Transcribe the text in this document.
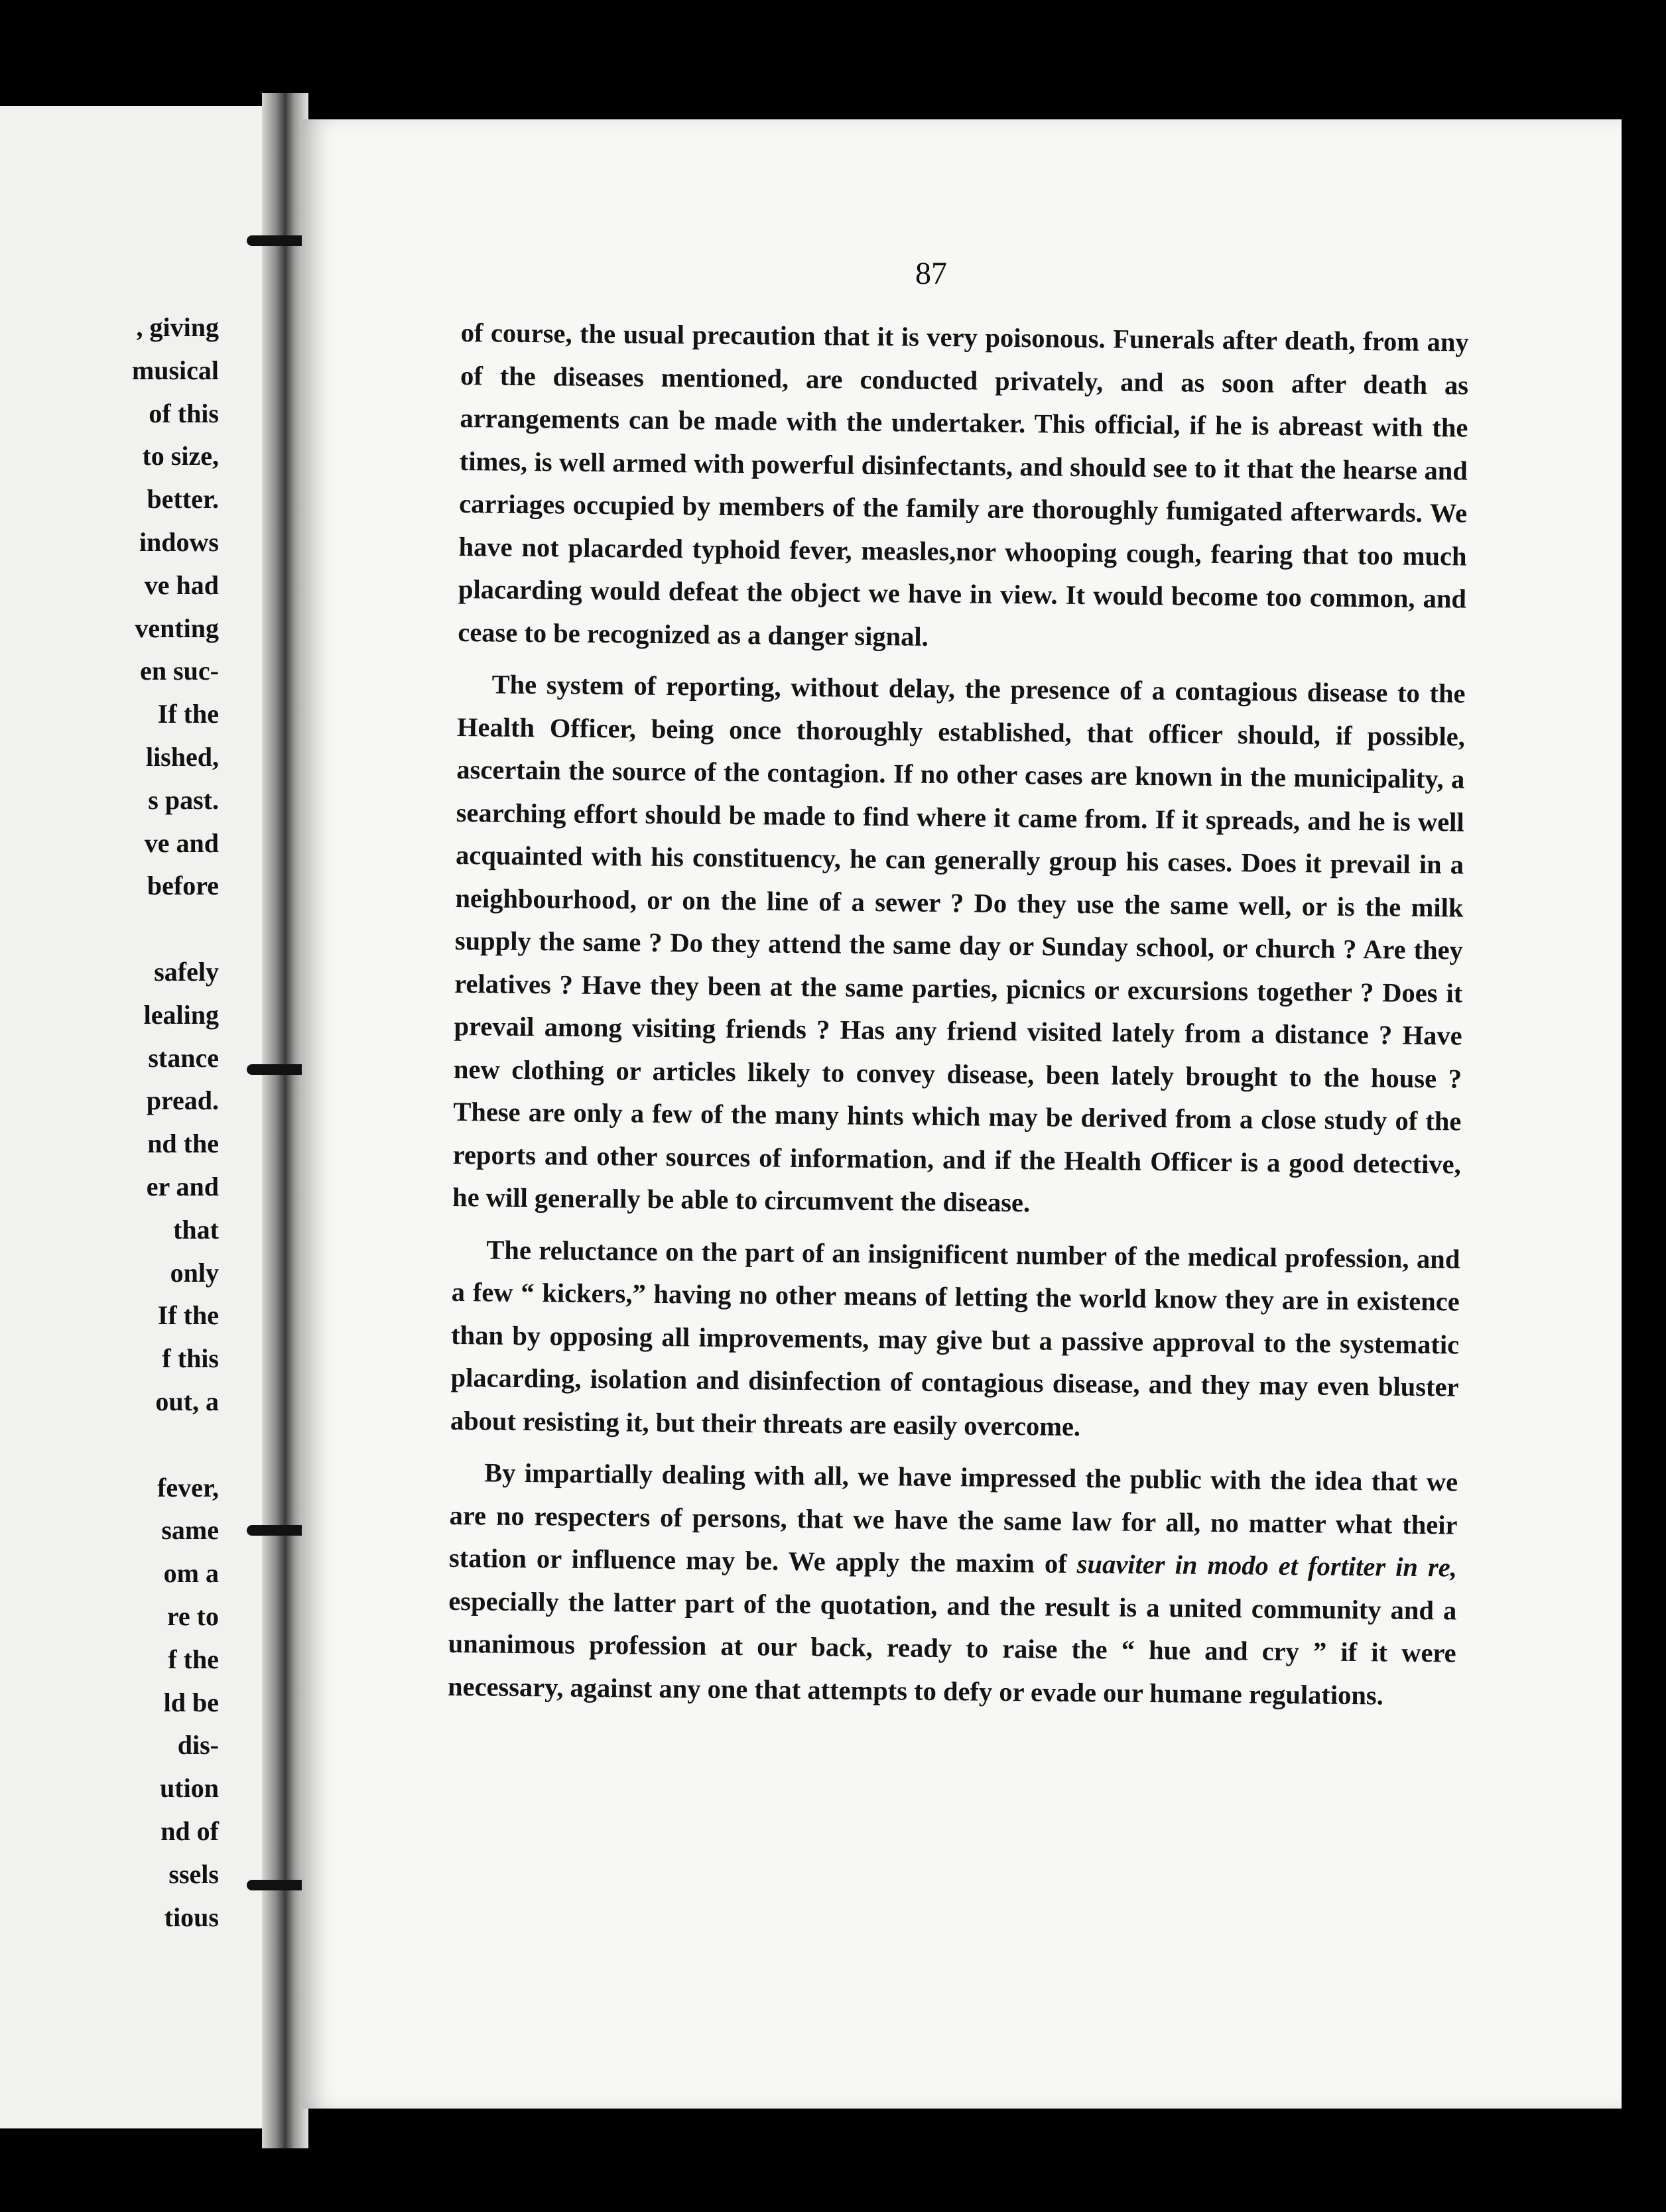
, giving
musical
of this
to size,
better.
indows
ve had
venting
en suc-
If the
lished,
s past.
ve and
before
safely
lealing
stance
pread.
nd the
er and
that
only
If the
f this
out, a
fever,
same
om a
re to
f the
ld be
dis-
ution
nd of
ssels
tious
87

of course, the usual precaution that it is very poisonous. Funerals after death, from any of the diseases mentioned, are conducted privately, and as soon after death as arrangements can be made with the undertaker. This official, if he is abreast with the times, is well armed with powerful disinfectants, and should see to it that the hearse and carriages occupied by members of the family are thoroughly fumigated afterwards. We have not placarded typhoid fever, measles,nor whooping cough, fearing that too much placarding would defeat the object we have in view. It would become too common, and cease to be recognized as a danger signal.

The system of reporting, without delay, the presence of a contagious disease to the Health Officer, being once thoroughly established, that officer should, if possible, ascertain the source of the contagion. If no other cases are known in the municipality, a searching effort should be made to find where it came from. If it spreads, and he is well acquainted with his constituency, he can generally group his cases. Does it prevail in a neighbourhood, or on the line of a sewer ? Do they use the same well, or is the milk supply the same ? Do they attend the same day or Sunday school, or church ? Are they relatives ? Have they been at the same parties, picnics or excursions together ? Does it prevail among visiting friends ? Has any friend visited lately from a distance ? Have new clothing or articles likely to convey disease, been lately brought to the house ? These are only a few of the many hints which may be derived from a close study of the reports and other sources of information, and if the Health Officer is a good detective, he will generally be able to circumvent the disease.

The reluctance on the part of an insignificent number of the medical profession, and a few “ kickers,” having no other means of letting the world know they are in existence than by opposing all improvements, may give but a passive approval to the systematic placarding, isolation and disinfection of contagious disease, and they may even bluster about resisting it, but their threats are easily overcome.

By impartially dealing with all, we have impressed the public with the idea that we are no respecters of persons, that we have the same law for all, no matter what their station or influence may be. We apply the maxim of suaviter in modo et fortiter in re, especially the latter part of the quotation, and the result is a united community and a unanimous profession at our back, ready to raise the “ hue and cry ” if it were necessary, against any one that attempts to defy or evade our humane regulations.
